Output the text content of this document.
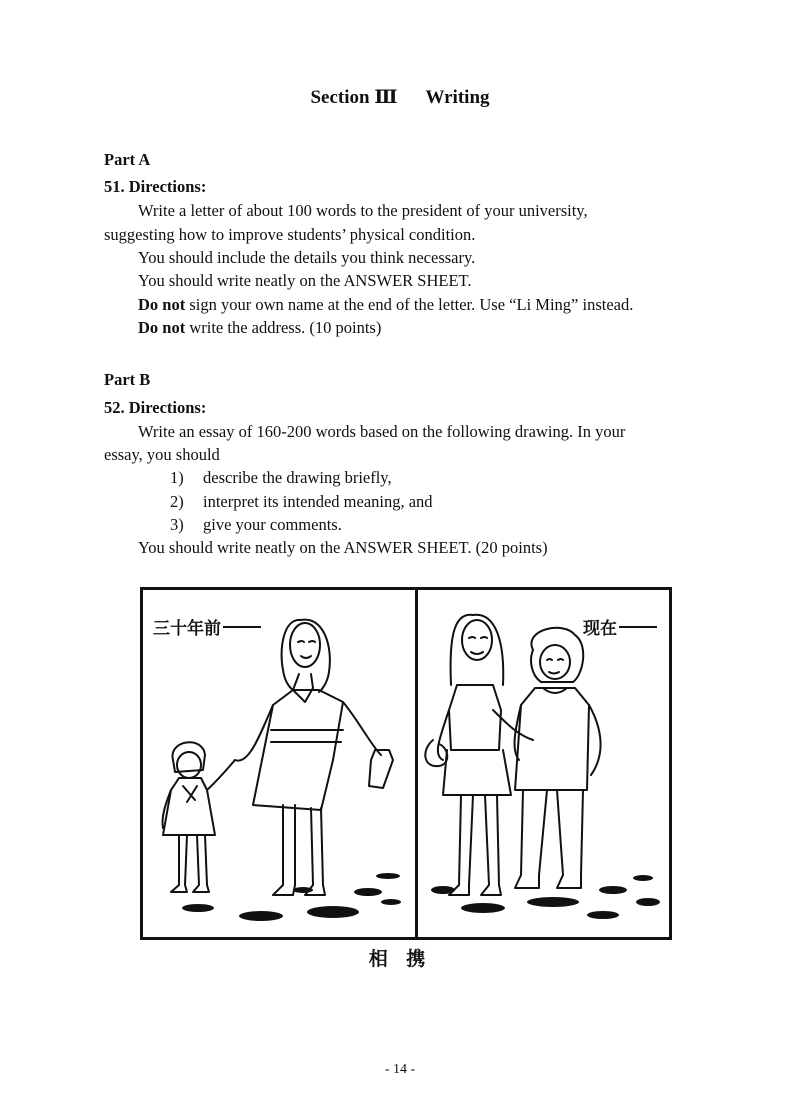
Section Ⅲ Writing
Part A
51. Directions:
Write a letter of about 100 words to the president of your university,
suggesting how to improve students’ physical condition.
You should include the details you think necessary.
You should write neatly on the ANSWER SHEET.
Do not sign your own name at the end of the letter. Use “Li Ming” instead.
Do not write the address. (10 points)
Part B
52. Directions:
Write an essay of 160-200 words based on the following drawing. In your
essay, you should
1) describe the drawing briefly,
2) interpret its intended meaning, and
3) give your comments.
You should write neatly on the ANSWER SHEET. (20 points)
三十年前	现在
相 携
- 14 -
